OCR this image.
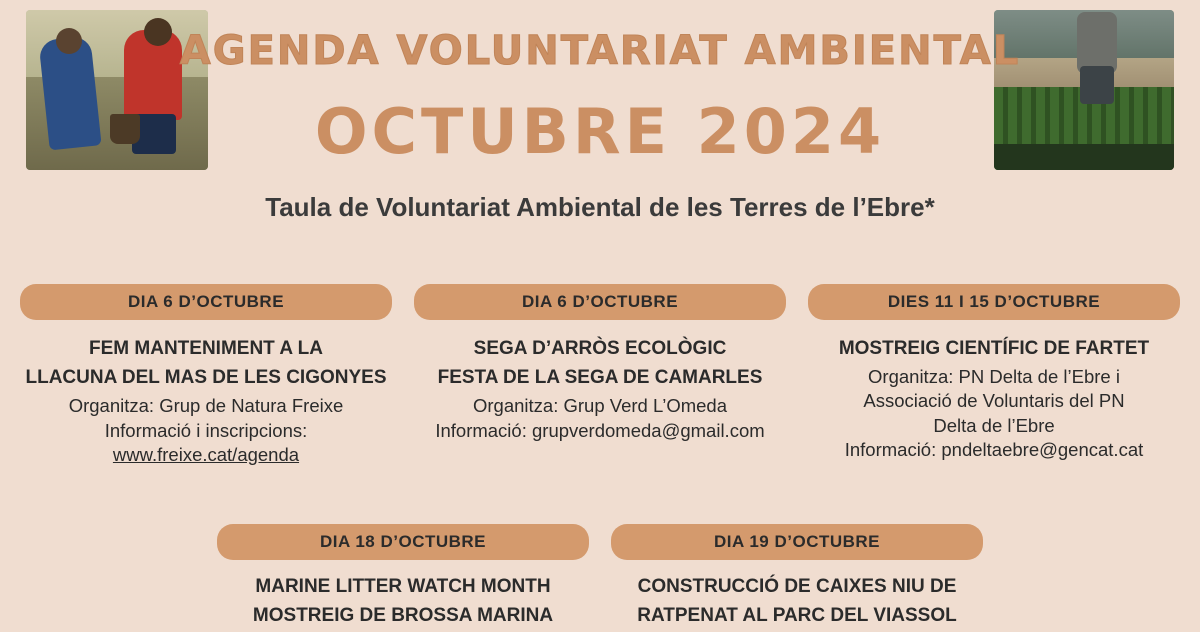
AGENDA VOLUNTARIAT AMBIENTAL
OCTUBRE 2024
Taula de Voluntariat Ambiental de les Terres de l’Ebre*
DIA 6 D’OCTUBRE
FEM MANTENIMENT A LA
LLACUNA DEL MAS DE LES CIGONYES
Organitza: Grup de Natura Freixe
Informació i inscripcions:
www.freixe.cat/agenda
DIA 6 D’OCTUBRE
SEGA D’ARRÒS ECOLÒGIC
FESTA DE LA SEGA DE CAMARLES
Organitza: Grup Verd L’Omeda
Informació: grupverdomeda@gmail.com
DIES 11 I 15 D’OCTUBRE
MOSTREIG CIENTÍFIC DE FARTET
Organitza: PN Delta de l’Ebre i
Associació de Voluntaris del PN
Delta de l’Ebre
Informació: pndeltaebre@gencat.cat
DIA 18 D’OCTUBRE
MARINE LITTER WATCH MONTH
MOSTREIG DE BROSSA MARINA
DIA 19 D’OCTUBRE
CONSTRUCCIÓ DE CAIXES NIU DE
RATPENAT AL PARC DEL VIASSOL
